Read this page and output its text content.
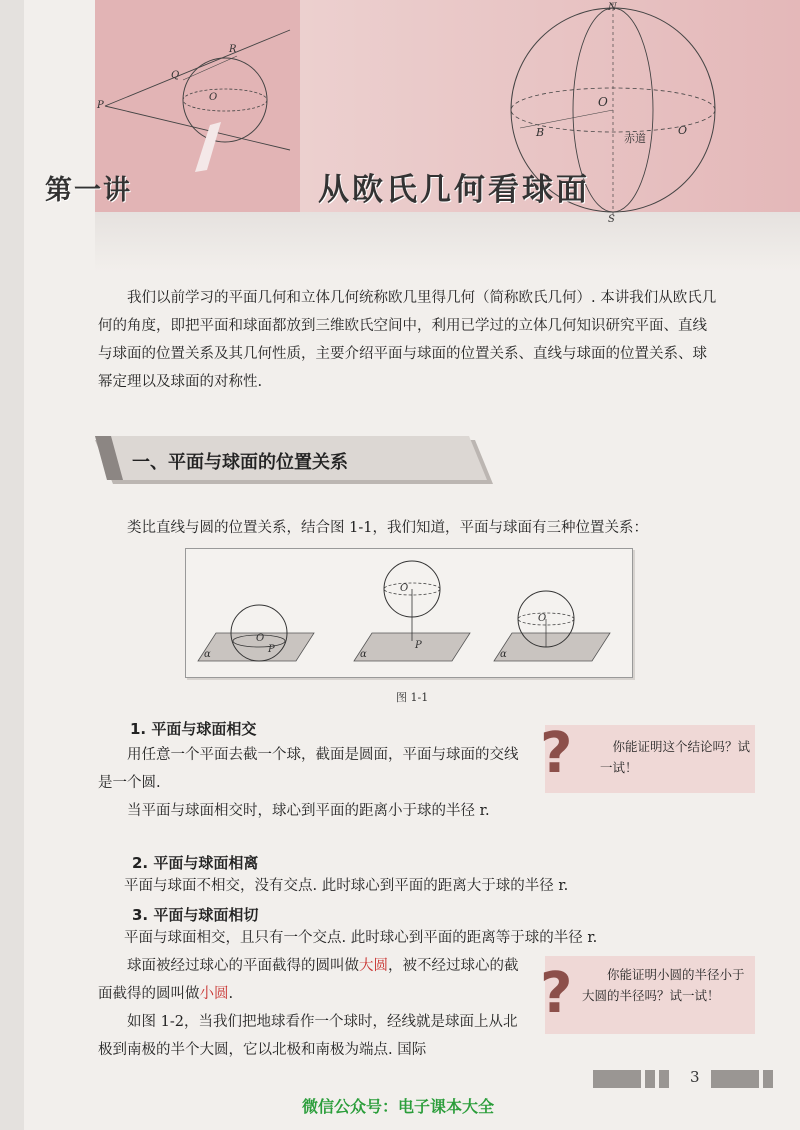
P
Q
R
O
N
S
O
B	O
赤道
第一讲	从欧氏几何看球面
我们以前学习的平面几何和立体几何统称欧几里得几何（简称欧氏几何）. 本讲我们从欧氏几何的角度，即把平面和球面都放到三维欧氏空间中，利用已学过的立体几何知识研究平面、直线与球面的位置关系及其几何性质，主要介绍平面与球面的位置关系、直线与球面的位置关系、球幂定理以及球面的对称性.
一、平面与球面的位置关系
类比直线与圆的位置关系，结合图 1-1，我们知道，平面与球面有三种位置关系：
α
O
P	α
O
P
α
O
图 1-1
1. 平面与球面相交
用任意一个平面去截一个球，截面是圆面，平面与球面的交线是一个圆.
当平面与球面相交时，球心到平面的距离小于球的半径 r.
2. 平面与球面相离
平面与球面不相交，没有交点. 此时球心到平面的距离大于球的半径 r.
3. 平面与球面相切
平面与球面相交，且只有一个交点. 此时球心到平面的距离等于球的半径 r.
球面被经过球心的平面截得的圆叫做大圆，被不经过球心的截面截得的圆叫做小圆.
如图 1-2，当我们把地球看作一个球时，经线就是球面上从北极到南极的半个大圆，它以北极和南极为端点. 国际
?	你能证明这个结论吗？试一试！
?	你能证明小圆的半径小于大圆的半径吗？试一试！
3
微信公众号：电子课本大全
